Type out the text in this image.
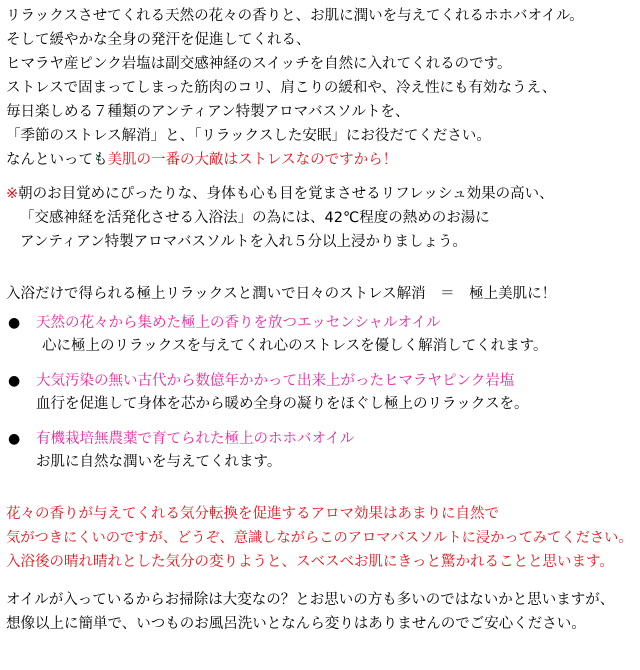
リラックスさせてくれる天然の花々の香りと、お肌に潤いを与えてくれるホホバオイル。
そして緩やかな全身の発汗を促進してくれる、
ヒマラヤ産ピンク岩塩は副交感神経のスイッチを自然に入れてくれるのです。
ストレスで固まってしまった筋肉のコリ、肩こりの緩和や、冷え性にも有効なうえ、
毎日楽しめる７種類のアンティアン特製アロマバスソルトを、
「季節のストレス解消」と、「リラックスした安眠」にお役だてください。
なんといっても美肌の一番の大敵はストレスなのですから！
※朝のお目覚めにぴったりな、身体も心も目を覚まさせるリフレッシュ効果の高い、
「交感神経を活発化させる入浴法」の為には、42℃程度の熱めのお湯に
アンティアン特製アロマバスソルトを入れ５分以上浸かりましょう。
入浴だけで得られる極上リラックスと潤いで日々のストレス解消　＝　極上美肌に！
● 天然の花々から集めた極上の香りを放つエッセンシャルオイル
心に極上のリラックスを与えてくれ心のストレスを優しく解消してくれます。
● 大気汚染の無い古代から数億年かかって出来上がったヒマラヤピンク岩塩
血行を促進して身体を芯から暖め全身の凝りをほぐし極上のリラックスを。
● 有機栽培無農薬で育てられた極上のホホバオイル
お肌に自然な潤いを与えてくれます。
花々の香りが与えてくれる気分転換を促進するアロマ効果はあまりに自然で
気がつきにくいのですが、どうぞ、意識しながらこのアロマバスソルトに浸かってみてください。
入浴後の晴れ晴れとした気分の変りようと、スベスベお肌にきっと驚かれることと思います。
オイルが入っているからお掃除は大変なの？とお思いの方も多いのではないかと思いますが、
想像以上に簡単で、いつものお風呂洗いとなんら変りはありませんのでご安心ください。
